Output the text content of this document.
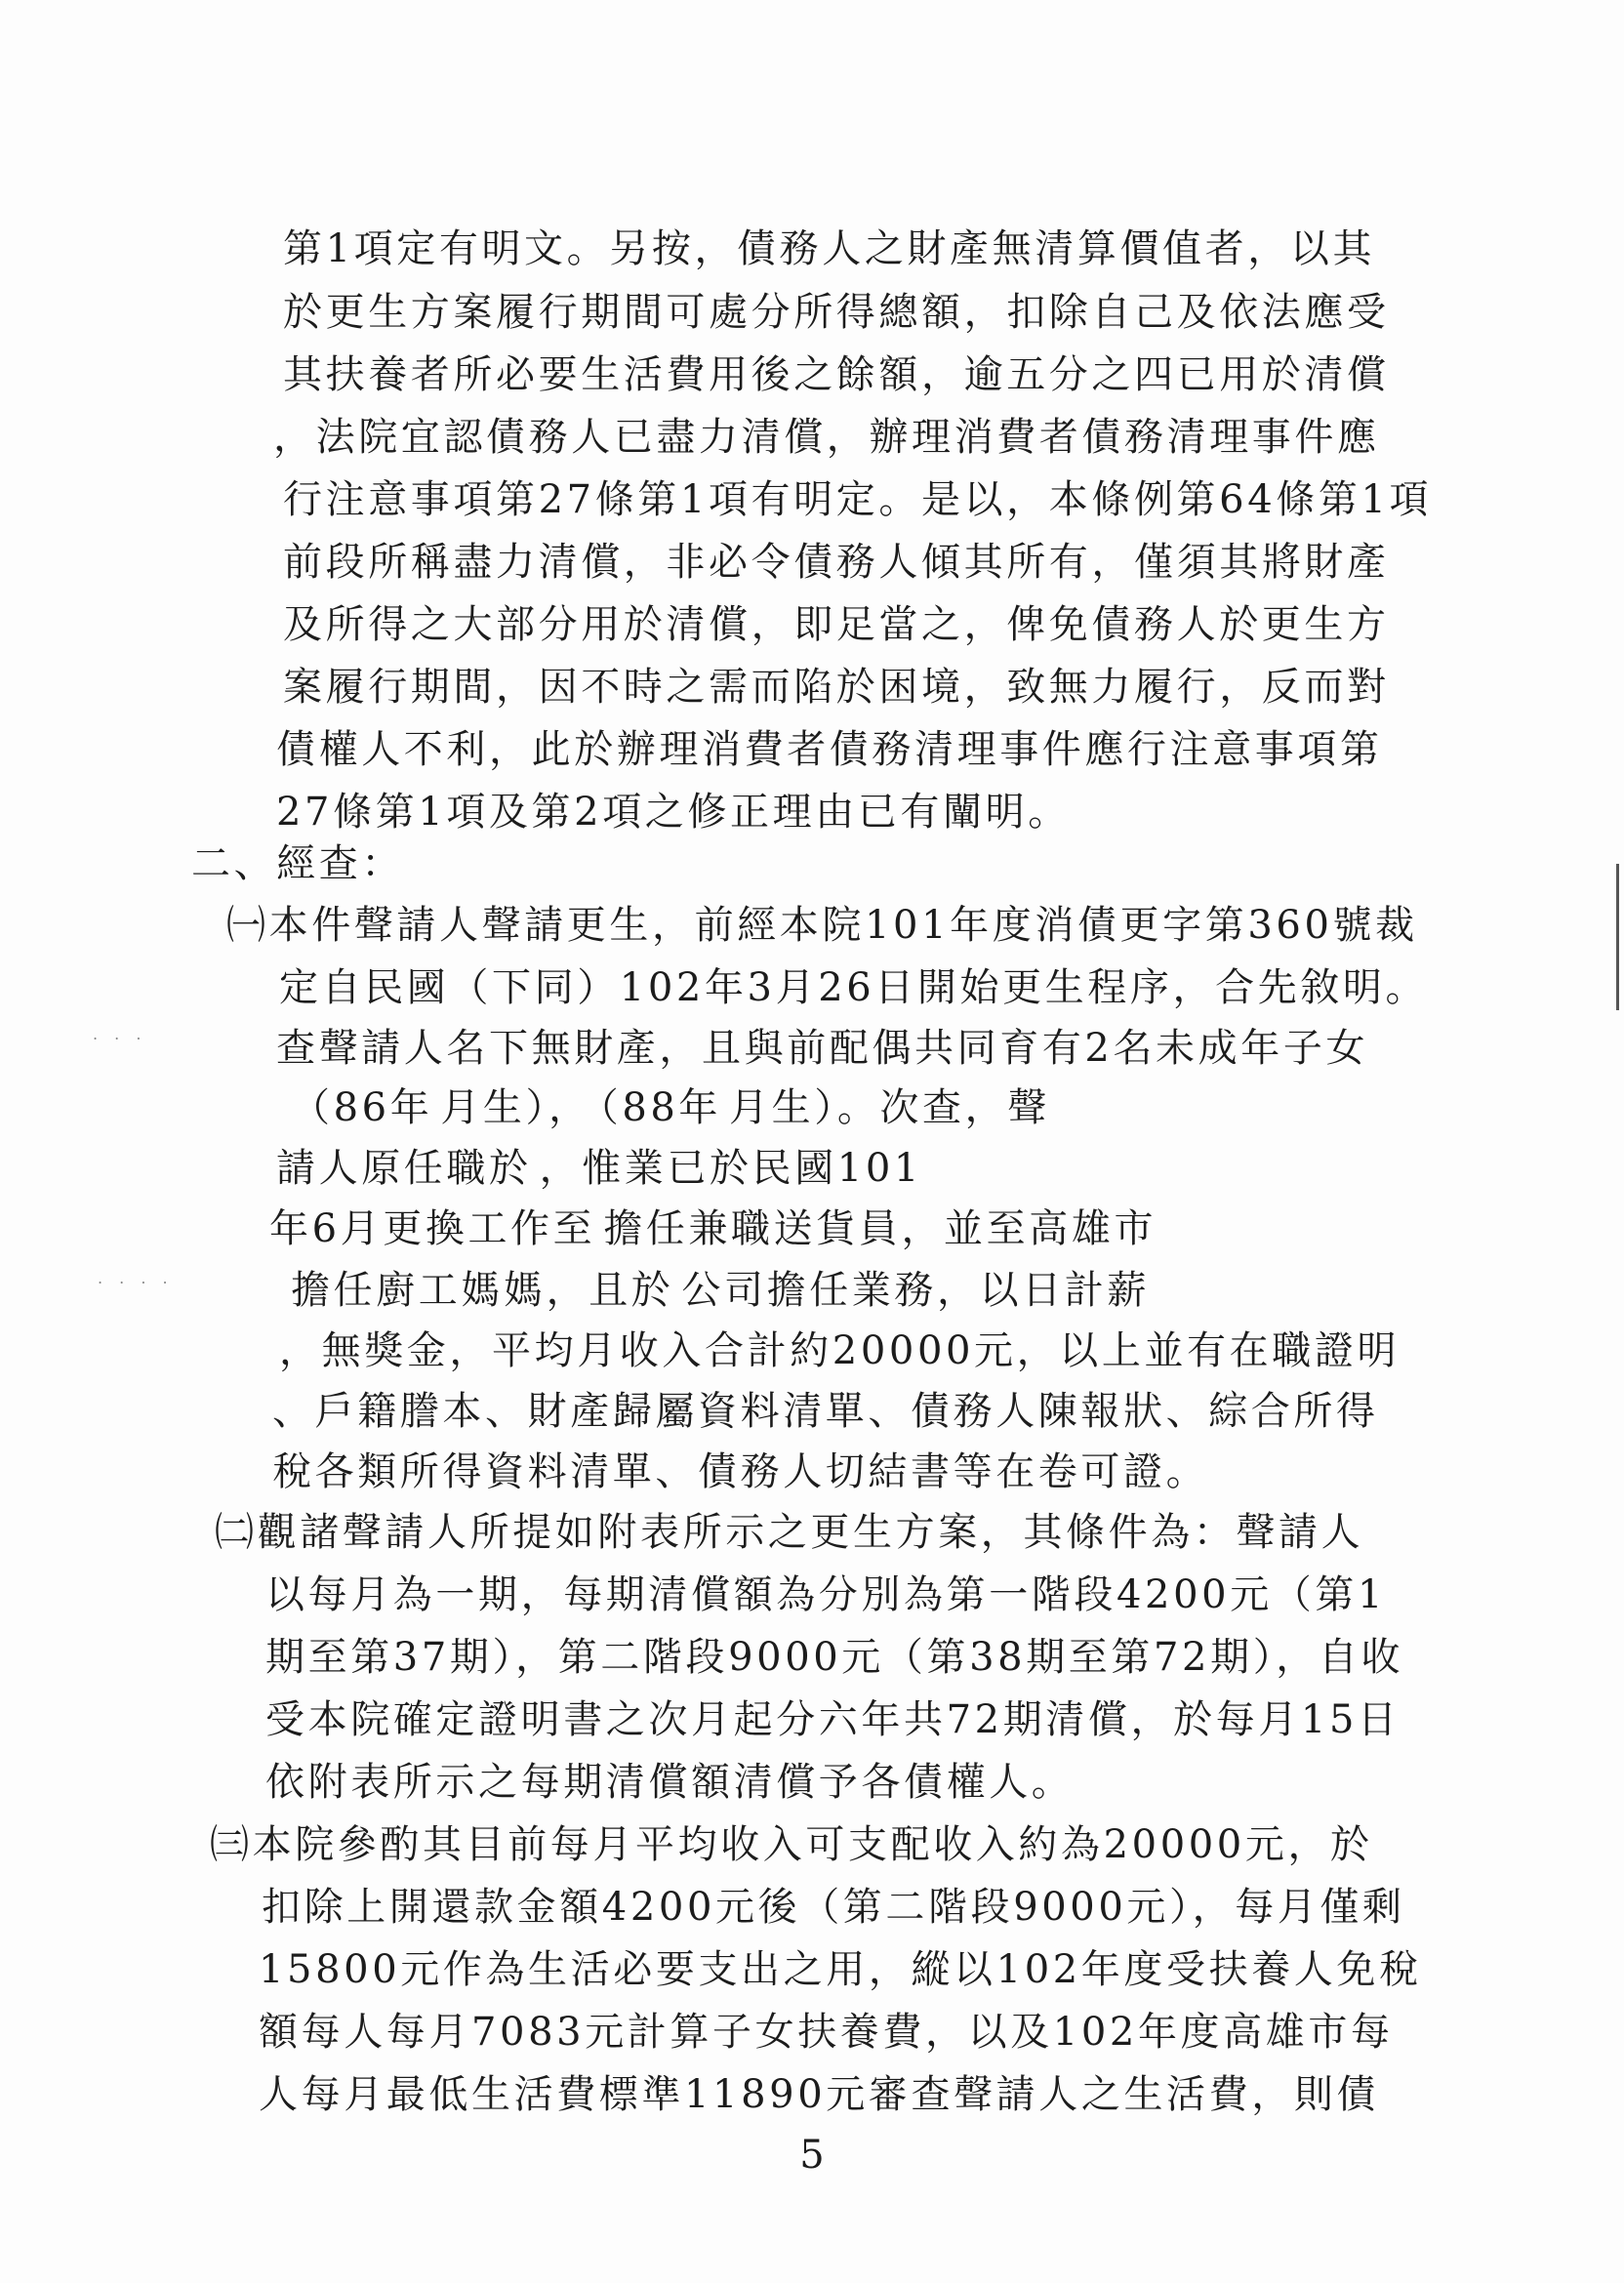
第1項定有明文。另按，債務人之財產無清算價值者，以其
於更生方案履行期間可處分所得總額，扣除自己及依法應受
其扶養者所必要生活費用後之餘額，逾五分之四已用於清償
，法院宜認債務人已盡力清償，辦理消費者債務清理事件應
行注意事項第27條第1項有明定。是以，本條例第64條第1項
前段所稱盡力清償，非必令債務人傾其所有，僅須其將財產
及所得之大部分用於清償，即足當之，俾免債務人於更生方
案履行期間，因不時之需而陷於困境，致無力履行，反而對
債權人不利，此於辦理消費者債務清理事件應行注意事項第
27條第1項及第2項之修正理由已有闡明。
二、經查：
㈠本件聲請人聲請更生，前經本院101年度消債更字第360號裁
定自民國（下同）102年3月26日開始更生程序，合先敘明。
查聲請人名下無財產，且與前配偶共同育有2名未成年子女
（86年 月生）， （88年 月生）。次查，聲
請人原任職於 ，惟業已於民國101
年6月更換工作至 擔任兼職送貨員，並至高雄市
擔任廚工媽媽，且於 公司擔任業務，以日計薪
，無獎金，平均月收入合計約20000元，以上並有在職證明
、戶籍謄本、財產歸屬資料清單、債務人陳報狀、綜合所得
稅各類所得資料清單、債務人切結書等在卷可證。
㈡觀諸聲請人所提如附表所示之更生方案，其條件為：聲請人
以每月為一期，每期清償額為分別為第一階段4200元（第1
期至第37期），第二階段9000元（第38期至第72期），自收
受本院確定證明書之次月起分六年共72期清償，於每月15日
依附表所示之每期清償額清償予各債權人。
㈢本院參酌其目前每月平均收入可支配收入約為20000元，於
扣除上開還款金額4200元後（第二階段9000元），每月僅剩
15800元作為生活必要支出之用，縱以102年度受扶養人免稅
額每人每月7083元計算子女扶養費，以及102年度高雄市每
人每月最低生活費標準11890元審查聲請人之生活費，則債
5
. . .
. . . .
